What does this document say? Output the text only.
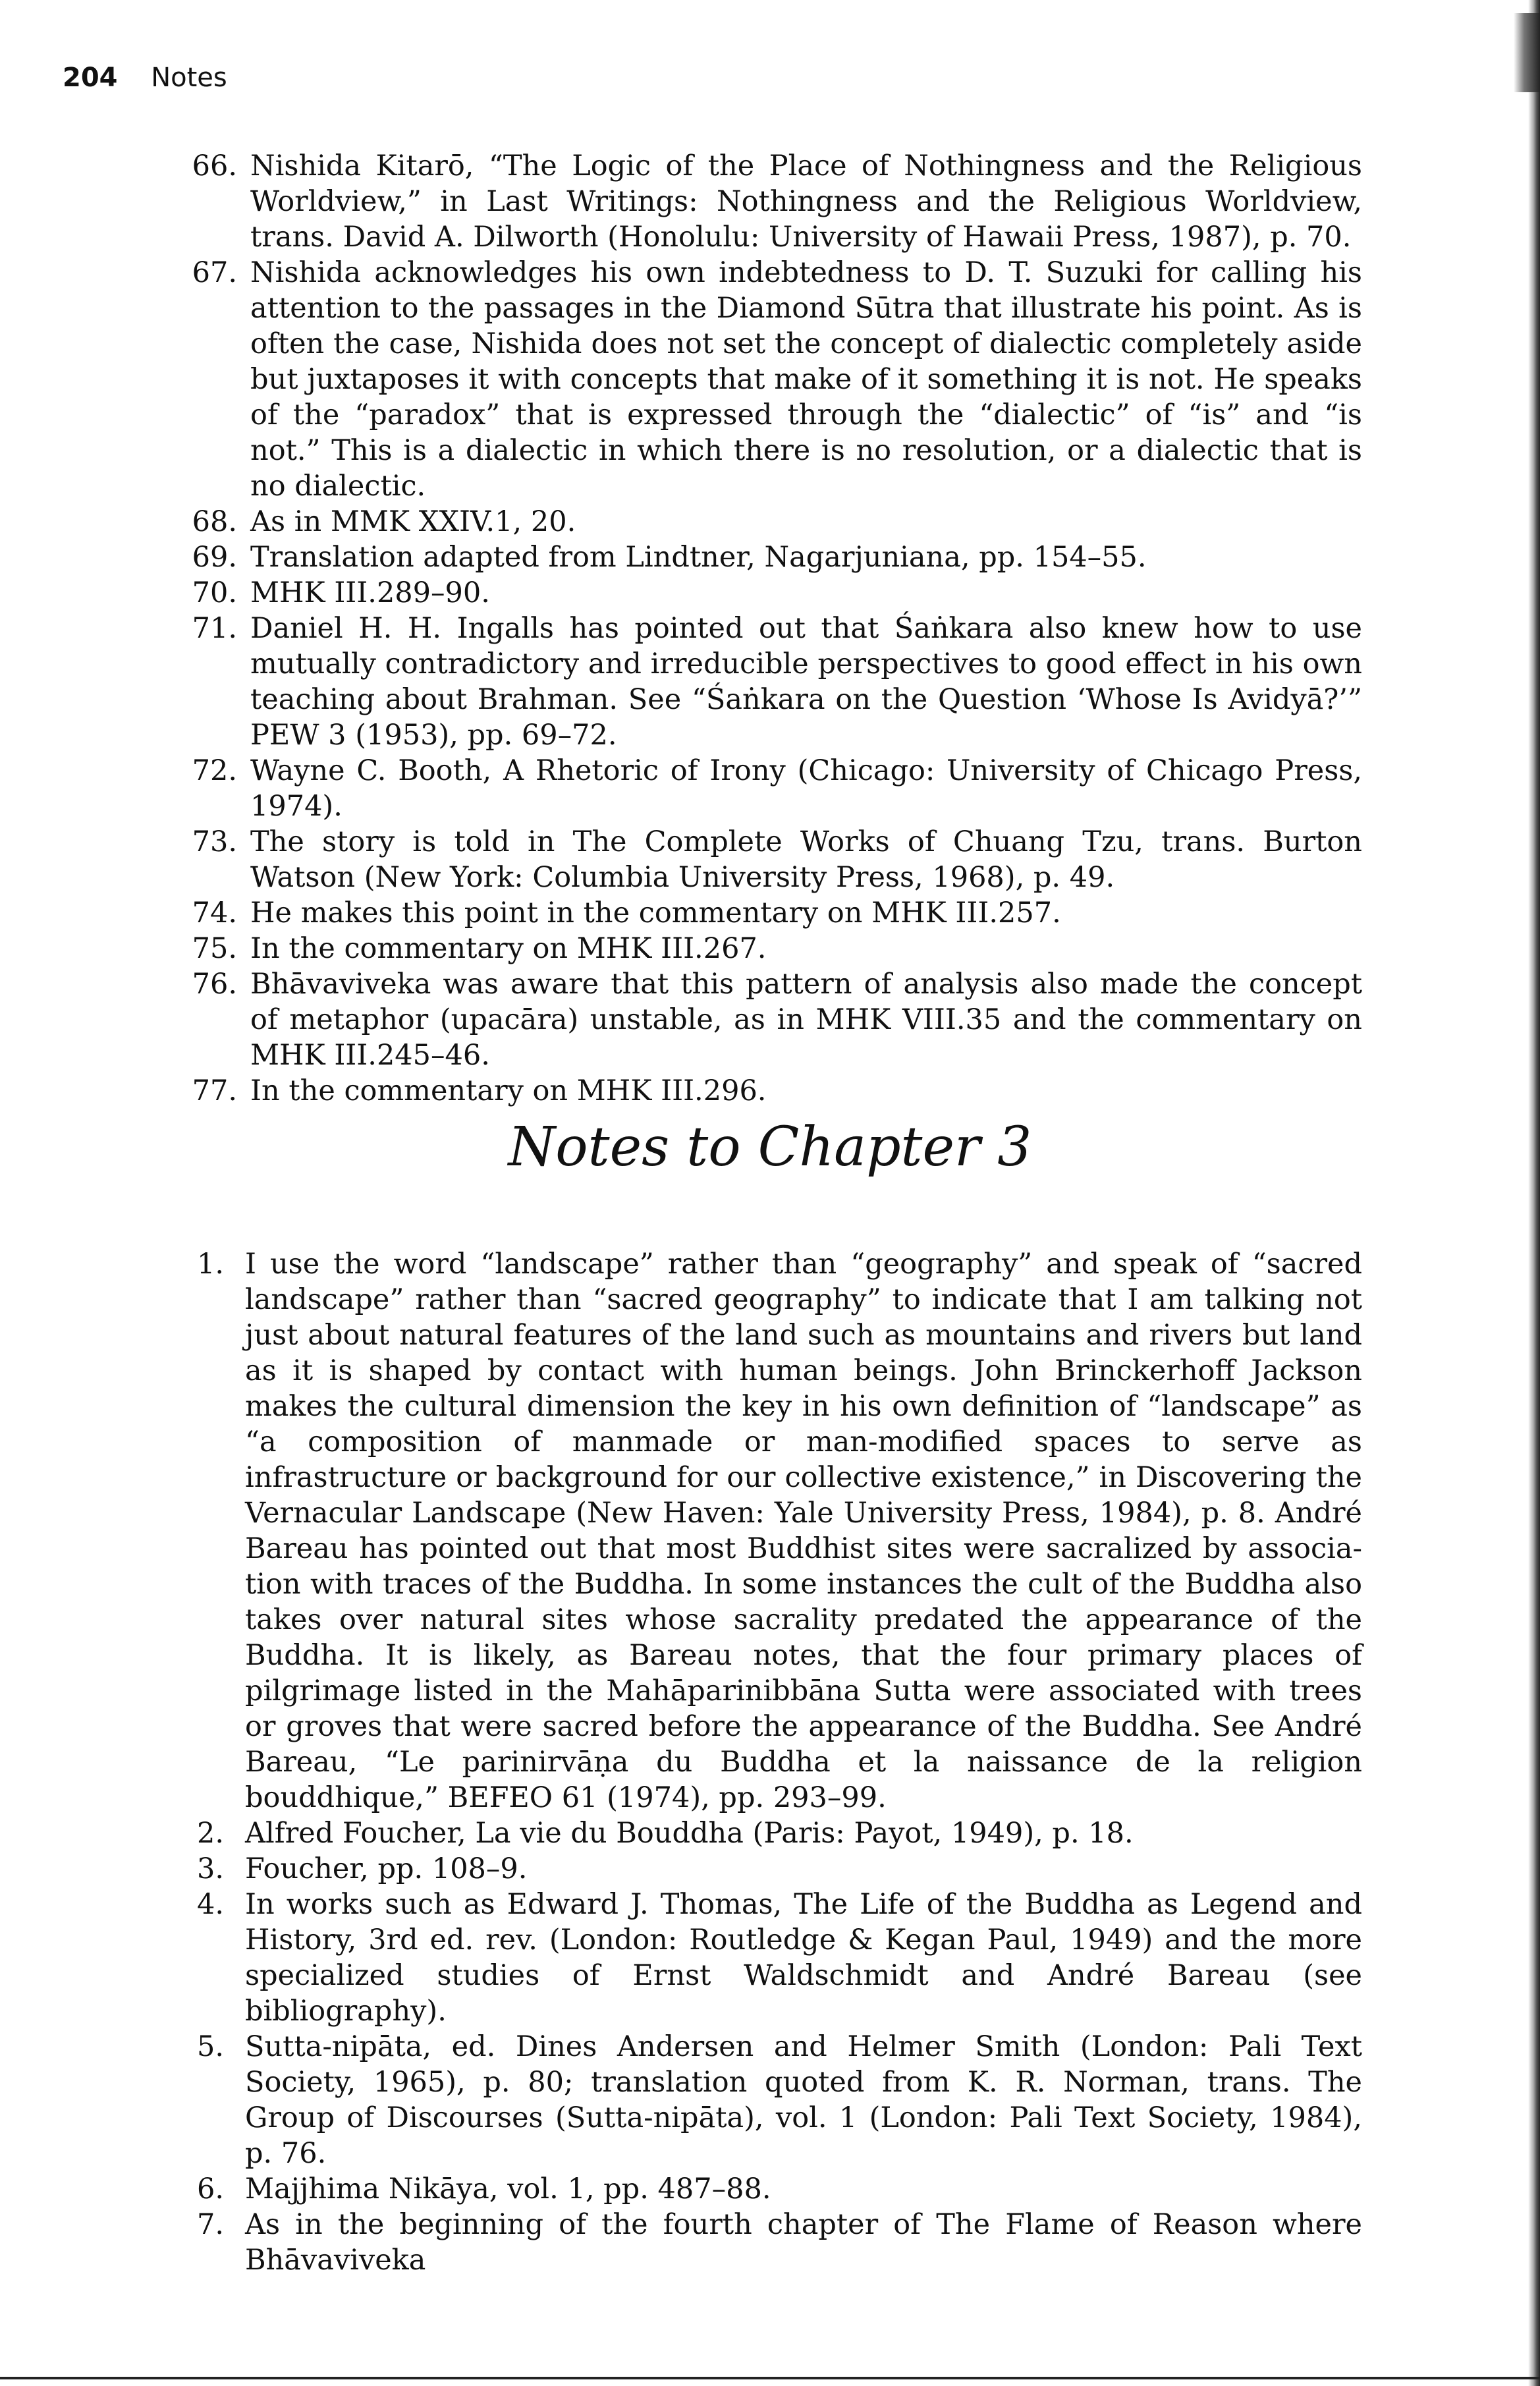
204 Notes

66. Nishida Kitarō, “The Logic of the Place of Nothingness and the Religious Worldview,” in Last Writings: Nothingness and the Religious Worldview, trans. David A. Dilworth (Honolulu: University of Hawaii Press, 1987), p. 70.

67. Nishida acknowledges his own indebtedness to D. T. Suzuki for calling his attention to the passages in the Diamond Sūtra that illustrate his point. As is often the case, Nishida does not set the concept of dialectic completely aside but juxtaposes it with concepts that make of it something it is not. He speaks of the “paradox” that is expressed through the “dialectic” of “is” and “is not.” This is a dialectic in which there is no resolution, or a dialectic that is no dialectic.

68. As in MMK XXIV.1, 20.

69. Translation adapted from Lindtner, Nagarjuniana, pp. 154–55.

70. MHK III.289–90.

71. Daniel H. H. Ingalls has pointed out that Śaṅkara also knew how to use mutually contradictory and irreducible perspectives to good effect in his own teaching about Brahman. See “Śaṅkara on the Question ‘Whose Is Avidyā?’” PEW 3 (1953), pp. 69–72.

72. Wayne C. Booth, A Rhetoric of Irony (Chicago: University of Chicago Press, 1974).

73. The story is told in The Complete Works of Chuang Tzu, trans. Burton Watson (New York: Columbia University Press, 1968), p. 49.

74. He makes this point in the commentary on MHK III.257.

75. In the commentary on MHK III.267.

76. Bhāvaviveka was aware that this pattern of analysis also made the concept of metaphor (upacāra) unstable, as in MHK VIII.35 and the commentary on MHK III.245–46.

77. In the commentary on MHK III.296.

Notes to Chapter 3

1. I use the word “landscape” rather than “geography” and speak of “sacred landscape” rather than “sacred geography” to indicate that I am talking not just about natural features of the land such as mountains and rivers but land as it is shaped by contact with human beings. John Brinckerhoff Jackson makes the cultural dimension the key in his own definition of “landscape” as “a composition of manmade or man-modified spaces to serve as infrastructure or background for our collective existence,” in Discovering the Vernacular Landscape (New Haven: Yale University Press, 1984), p. 8. André Bareau has pointed out that most Buddhist sites were sacralized by association with traces of the Buddha. In some instances the cult of the Buddha also takes over natural sites whose sacrality predated the appearance of the Buddha. It is likely, as Bareau notes, that the four primary places of pilgrimage listed in the Mahāparinibbāna Sutta were associated with trees or groves that were sacred before the appearance of the Buddha. See André Bareau, “Le parinirvāṇa du Buddha et la naissance de la religion bouddhique,” BEFEO 61 (1974), pp. 293–99.

2. Alfred Foucher, La vie du Bouddha (Paris: Payot, 1949), p. 18.

3. Foucher, pp. 108–9.

4. In works such as Edward J. Thomas, The Life of the Buddha as Legend and History, 3rd ed. rev. (London: Routledge & Kegan Paul, 1949) and the more specialized studies of Ernst Waldschmidt and André Bareau (see bibliography).

5. Sutta-nipāta, ed. Dines Andersen and Helmer Smith (London: Pali Text Society, 1965), p. 80; translation quoted from K. R. Norman, trans. The Group of Discourses (Sutta-nipāta), vol. 1 (London: Pali Text Society, 1984), p. 76.

6. Majjhima Nikāya, vol. 1, pp. 487–88.

7. As in the beginning of the fourth chapter of The Flame of Reason where Bhāvaviveka
